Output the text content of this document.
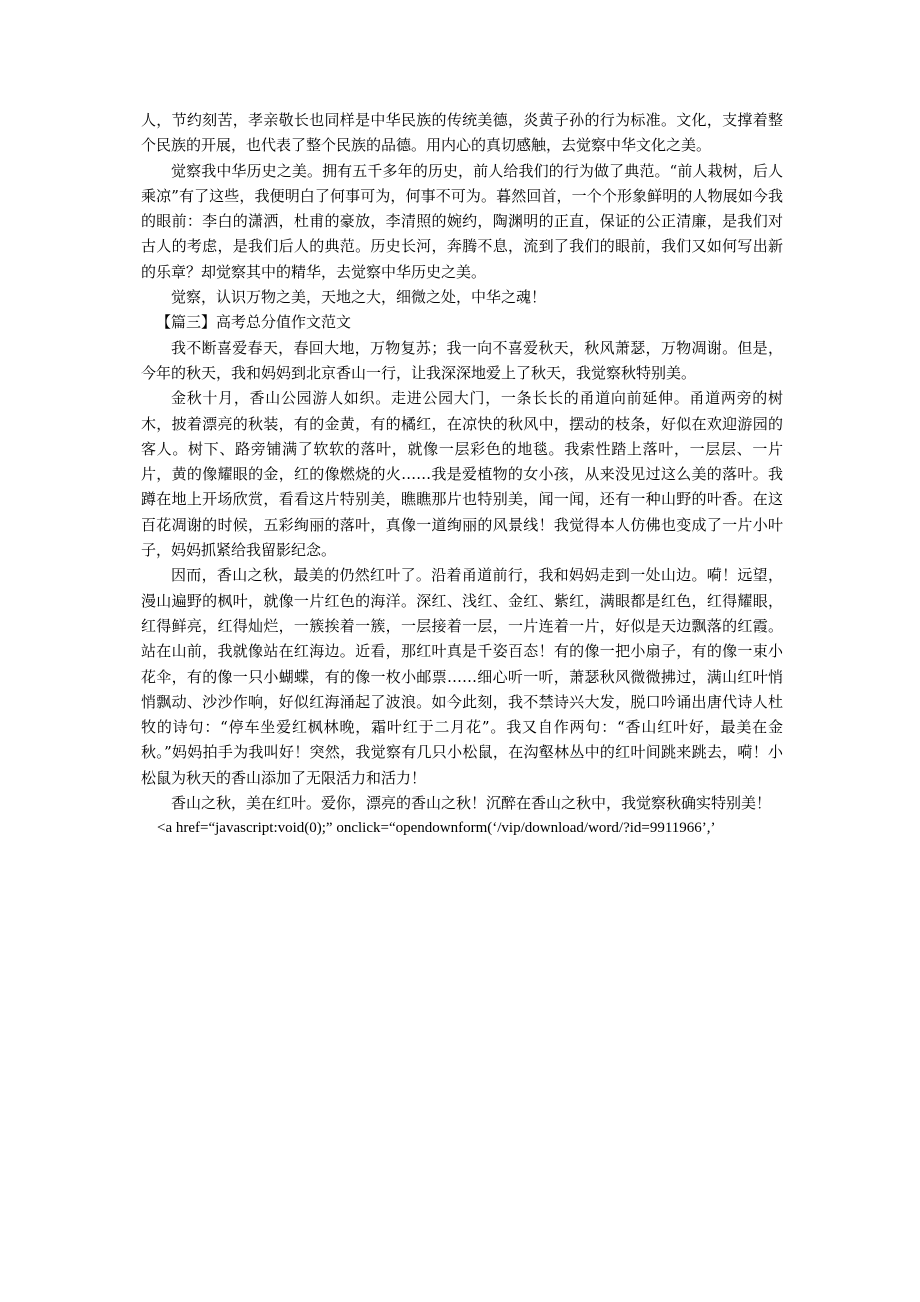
人，节约刻苦，孝亲敬长也同样是中华民族的传统美德，炎黄子孙的行为标准。文化，支撑着整个民族的开展，也代表了整个民族的品德。用内心的真切感触，去觉察中华文化之美。

觉察我中华历史之美。拥有五千多年的历史，前人给我们的行为做了典范。“前人栽树，后人乘凉”有了这些，我便明白了何事可为，何事不可为。暮然回首，一个个形象鲜明的人物展如今我的眼前：李白的潇洒，杜甫的豪放，李清照的婉约，陶渊明的正直，保证的公正清廉，是我们对古人的考虑，是我们后人的典范。历史长河，奔腾不息，流到了我们的眼前，我们又如何写出新的乐章？却觉察其中的精华，去觉察中华历史之美。

觉察，认识万物之美，天地之大，细微之处，中华之魂！

【篇三】高考总分值作文范文

我不断喜爱春天，春回大地，万物复苏；我一向不喜爱秋天，秋风萧瑟，万物凋谢。但是，今年的秋天，我和妈妈到北京香山一行，让我深深地爱上了秋天，我觉察秋特别美。

金秋十月，香山公园游人如织。走进公园大门，一条长长的甬道向前延伸。甬道两旁的树木，披着漂亮的秋装，有的金黄，有的橘红，在凉快的秋风中，摆动的枝条，好似在欢迎游园的客人。树下、路旁铺满了软软的落叶，就像一层彩色的地毯。我索性踏上落叶，一层层、一片片，黄的像耀眼的金，红的像燃烧的火……我是爱植物的女小孩，从来没见过这么美的落叶。我蹲在地上开场欣赏，看看这片特别美，瞧瞧那片也特别美，闻一闻，还有一种山野的叶香。在这百花凋谢的时候，五彩绚丽的落叶，真像一道绚丽的风景线！我觉得本人仿佛也变成了一片小叶子，妈妈抓紧给我留影纪念。

因而，香山之秋，最美的仍然红叶了。沿着甬道前行，我和妈妈走到一处山边。嗬！远望，漫山遍野的枫叶，就像一片红色的海洋。深红、浅红、金红、紫红，满眼都是红色，红得耀眼，红得鲜亮，红得灿烂，一簇挨着一簇，一层接着一层，一片连着一片，好似是天边飘落的红霞。站在山前，我就像站在红海边。近看，那红叶真是千姿百态！有的像一把小扇子，有的像一束小花伞，有的像一只小蝴蝶，有的像一枚小邮票……细心听一听，萧瑟秋风微微拂过，满山红叶悄悄飘动、沙沙作响，好似红海涌起了波浪。如今此刻，我不禁诗兴大发，脱口吟诵出唐代诗人杜牧的诗句：“停车坐爱红枫林晚，霜叶红于二月花”。我又自作两句：“香山红叶好，最美在金秋。”妈妈拍手为我叫好！突然，我觉察有几只小松鼠，在沟壑林丛中的红叶间跳来跳去，嗬！小松鼠为秋天的香山添加了无限活力和活力！

香山之秋，美在红叶。爱你，漂亮的香山之秋！沉醉在香山之秋中，我觉察秋确实特别美！

<a href=“javascript:void(0);” onclick=“opendownform(‘/vip/download/word/?id=9911966’,’
